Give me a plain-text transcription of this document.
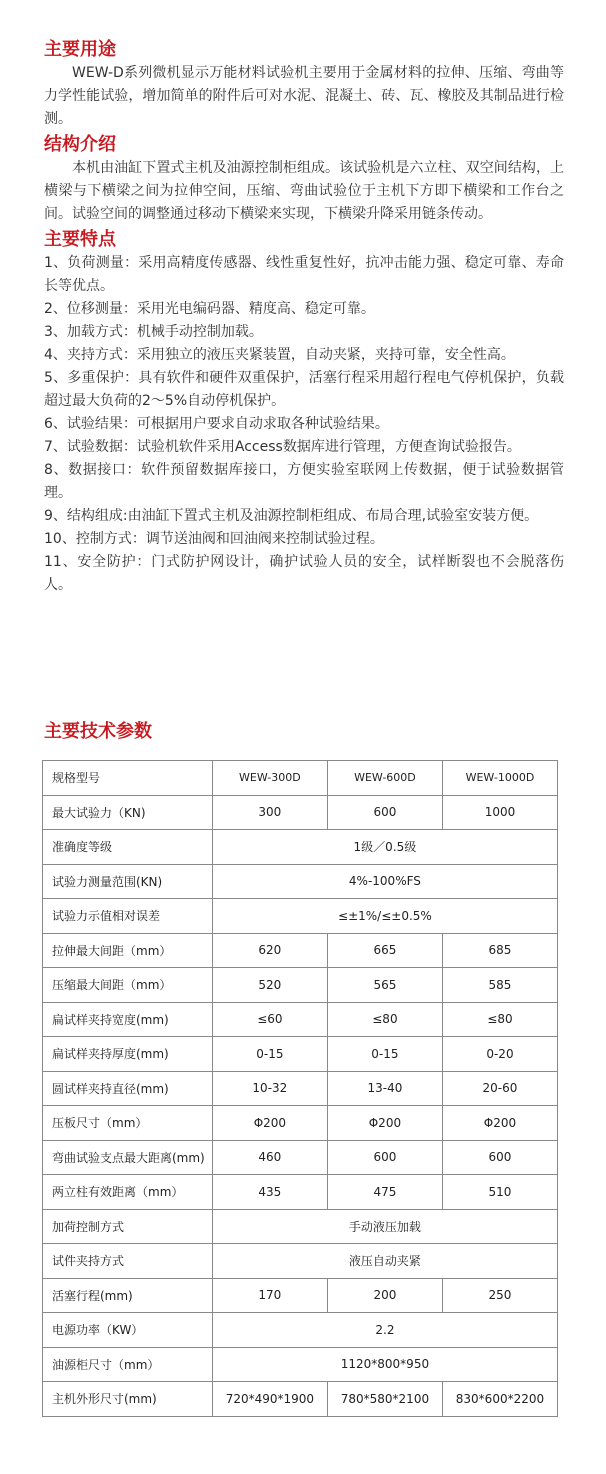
主要用途

WEW-D系列微机显示万能材料试验机主要用于金属材料的拉伸、压缩、弯曲等力学性能试验，增加简单的附件后可对水泥、混凝土、砖、瓦、橡胶及其制品进行检测。

结构介绍

本机由油缸下置式主机及油源控制柜组成。该试验机是六立柱、双空间结构，上横梁与下横梁之间为拉伸空间，压缩、弯曲试验位于主机下方即下横梁和工作台之间。试验空间的调整通过移动下横梁来实现，下横梁升降采用链条传动。

主要特点
1、负荷测量：采用高精度传感器、线性重复性好，抗冲击能力强、稳定可靠、寿命长等优点。
2、位移测量：采用光电编码器、精度高、稳定可靠。
3、加载方式：机械手动控制加载。
4、夹持方式：采用独立的液压夹紧装置，自动夹紧，夹持可靠，安全性高。
5、多重保护：具有软件和硬件双重保护，活塞行程采用超行程电气停机保护，负载超过最大负荷的2～5%自动停机保护。
6、试验结果：可根据用户要求自动求取各种试验结果。
7、试验数据：试验机软件采用Access数据库进行管理，方便查询试验报告。
8、数据接口：软件预留数据库接口，方便实验室联网上传数据，便于试验数据管理。
9、结构组成:由油缸下置式主机及油源控制柜组成、布局合理,试验室安装方便。
10、控制方式：调节送油阀和回油阀来控制试验过程。
11、安全防护：门式防护网设计，确护试验人员的安全，试样断裂也不会脱落伤人。
主要技术参数
规格型号	WEW-300D	WEW-600D	WEW-1000D
最大试验力（KN)	300	600	1000
准确度等级	1级／0.5级		
试验力测量范围(KN)	4%-100%FS		
试验力示值相对误差	≤±1%/≤±0.5%		
拉伸最大间距（mm）	620	665	685
压缩最大间距（mm）	520	565	585
扁试样夹持宽度(mm)	≤60	≤80	≤80
扁试样夹持厚度(mm)	0-15	0-15	0-20
圆试样夹持直径(mm)	10-32	13-40	20-60
压板尺寸（mm）	Φ200	Φ200	Φ200
弯曲试验支点最大距离(mm)	460	600	600
两立柱有效距离（mm）	435	475	510
加荷控制方式	手动液压加载		
试件夹持方式	液压自动夹紧		
活塞行程(mm)	170	200	250
电源功率（KW）	2.2		
油源柜尺寸（mm）	1120*800*950		
主机外形尺寸(mm)	720*490*1900	780*580*2100	830*600*2200
